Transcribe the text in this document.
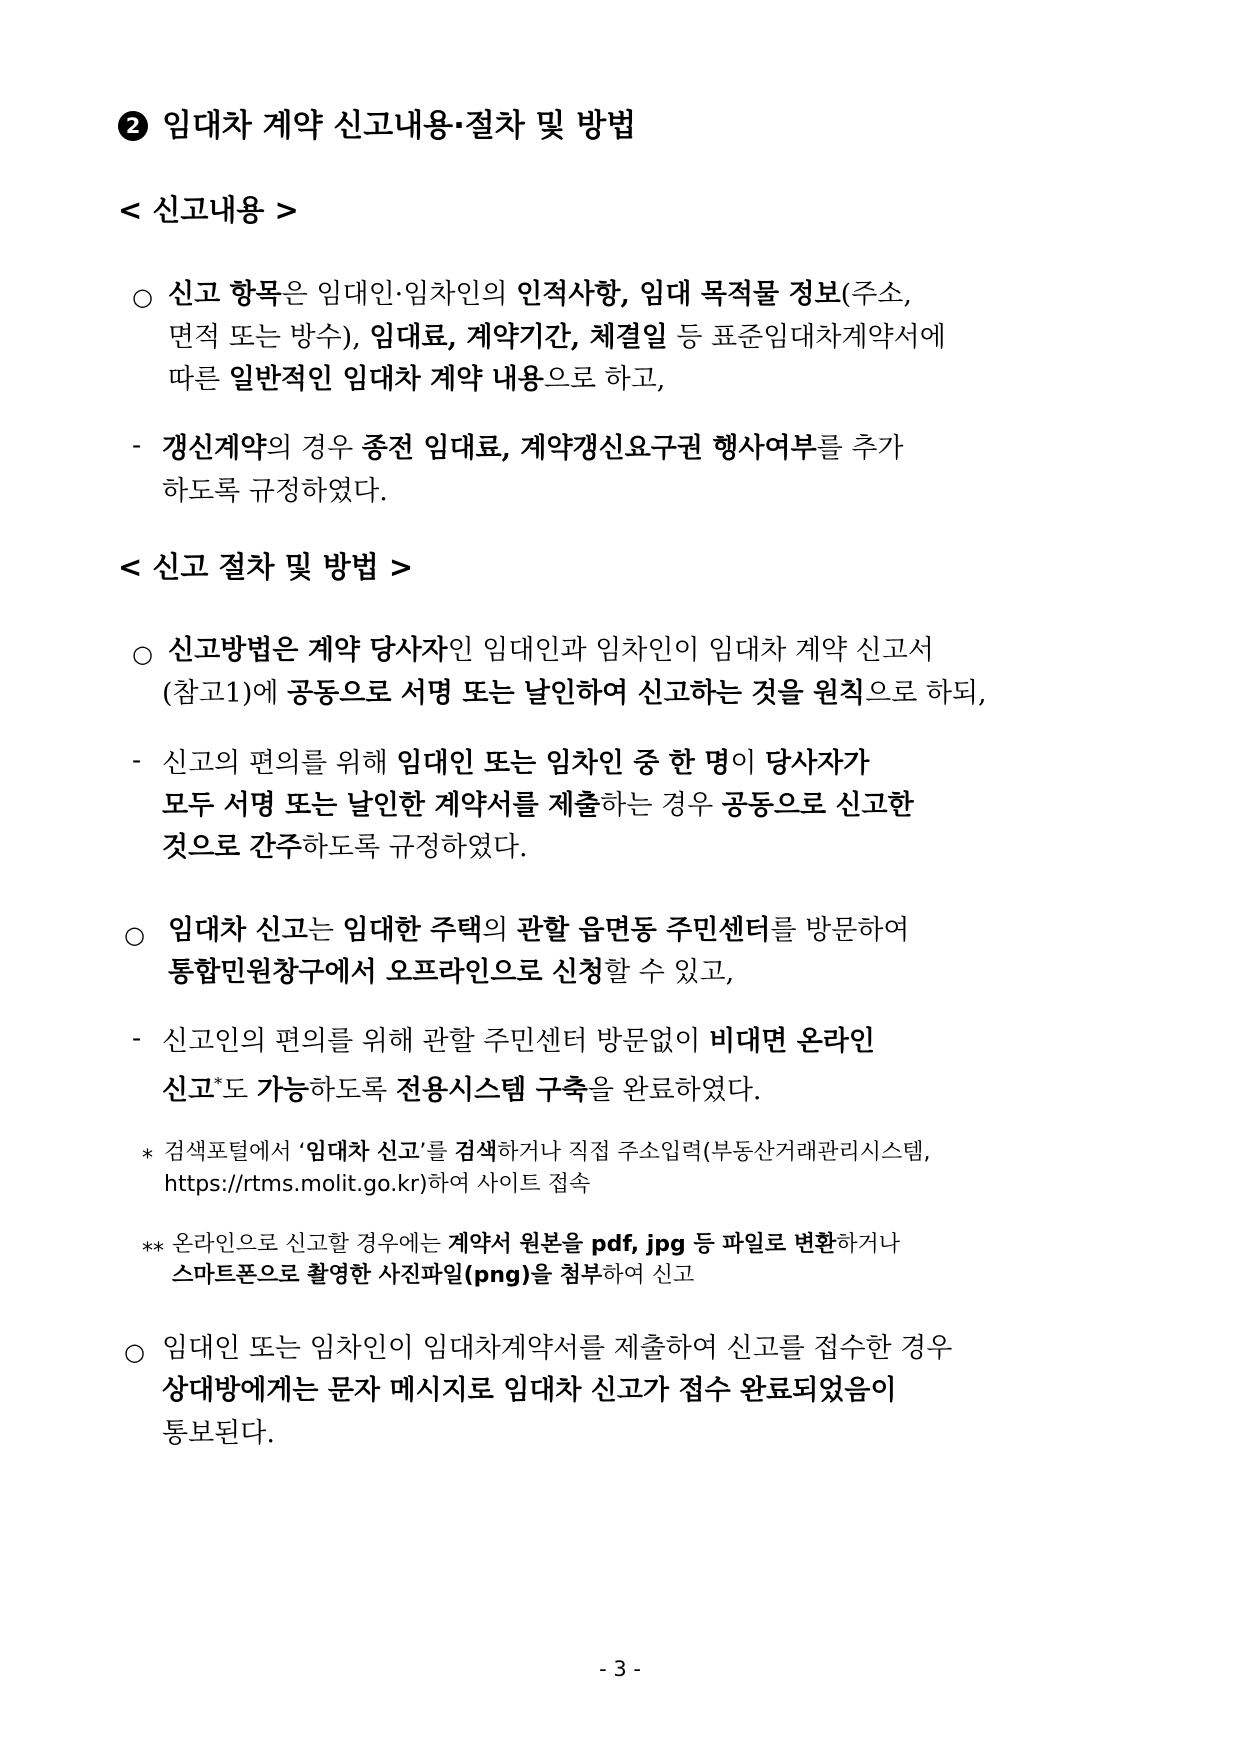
2 임대차 계약 신고내용·절차 및 방법
< 신고내용 >
○ 신고 항목은 임대인·임차인의 인적사항, 임대 목적물 정보(주소,
면적 또는 방수), 임대료, 계약기간, 체결일 등 표준임대차계약서에
따른 일반적인 임대차 계약 내용으로 하고,
- 갱신계약의 경우 종전 임대료, 계약갱신요구권 행사여부를 추가
하도록 규정하였다.
< 신고 절차 및 방법 >
○ 신고방법은 계약 당사자인 임대인과 임차인이 임대차 계약 신고서
(참고1)에 공동으로 서명 또는 날인하여 신고하는 것을 원칙으로 하되,
- 신고의 편의를 위해 임대인 또는 임차인 중 한 명이 당사자가
모두 서명 또는 날인한 계약서를 제출하는 경우 공동으로 신고한
것으로 간주하도록 규정하였다.
○ 임대차 신고는 임대한 주택의 관할 읍면동 주민센터를 방문하여
통합민원창구에서 오프라인으로 신청할 수 있고,
- 신고인의 편의를 위해 관할 주민센터 방문없이 비대면 온라인
신고*도 가능하도록 전용시스템 구축을 완료하였다.
* 검색포털에서 ‘임대차 신고’를 검색하거나 직접 주소입력(부동산거래관리시스템,
https://rtms.molit.go.kr)하여 사이트 접속
** 온라인으로 신고할 경우에는 계약서 원본을 pdf, jpg 등 파일로 변환하거나
스마트폰으로 촬영한 사진파일(png)을 첨부하여 신고
○ 임대인 또는 임차인이 임대차계약서를 제출하여 신고를 접수한 경우
상대방에게는 문자 메시지로 임대차 신고가 접수 완료되었음이
통보된다.
- 3 -
